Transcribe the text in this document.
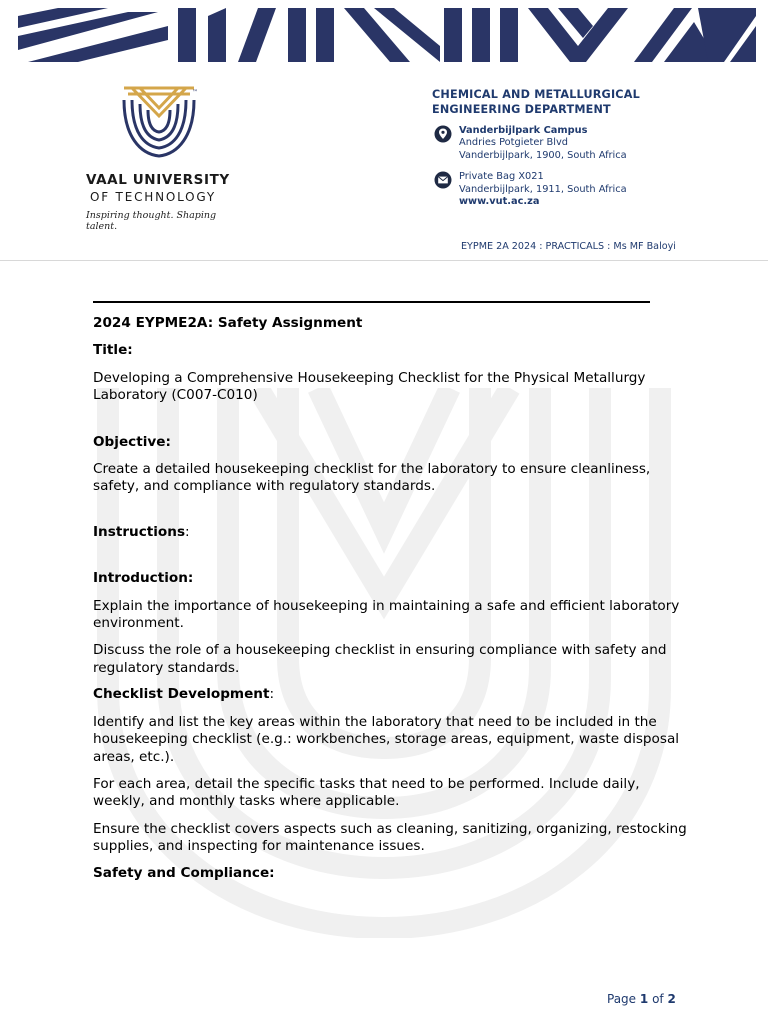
™
VAAL UNIVERSITY
OF TECHNOLOGY
Inspiring thought. Shaping talent.
CHEMICAL AND METALLURGICAL
ENGINEERING DEPARTMENT
Vanderbijlpark Campus
Andries Potgieter Blvd
Vanderbijlpark, 1900, South Africa
Private Bag X021
Vanderbijlpark, 1911, South Africa
www.vut.ac.za
EYPME 2A 2024 : PRACTICALS : Ms MF Baloyi

2024 EYPME2A: Safety Assignment

Title:

Developing a Comprehensive Housekeeping Checklist for the Physical Metallurgy Laboratory (C007-C010)

Objective:

Create a detailed housekeeping checklist for the laboratory to ensure cleanliness, safety, and compliance with regulatory standards.

Instructions:

Introduction:

Explain the importance of housekeeping in maintaining a safe and efficient laboratory environment.

Discuss the role of a housekeeping checklist in ensuring compliance with safety and regulatory standards.

Checklist Development:

Identify and list the key areas within the laboratory that need to be included in the housekeeping checklist (e.g.: workbenches, storage areas, equipment, waste disposal areas, etc.).

For each area, detail the specific tasks that need to be performed. Include daily, weekly, and monthly tasks where applicable.

Ensure the checklist covers aspects such as cleaning, sanitizing, organizing, restocking supplies, and inspecting for maintenance issues.

Safety and Compliance:

Page 1 of 2
